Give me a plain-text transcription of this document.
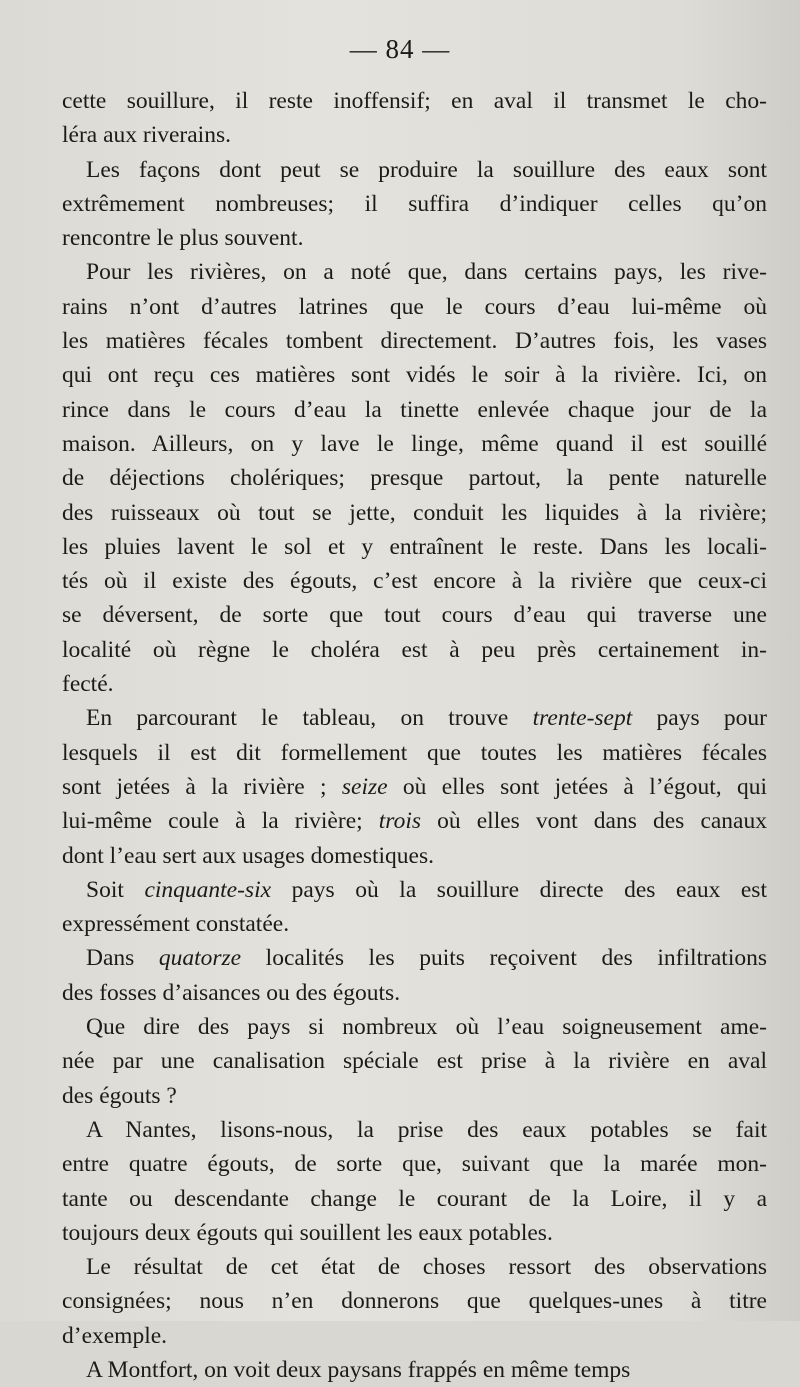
— 84 —
cette souillure, il reste inoffensif; en aval il transmet le cho-
léra aux riverains.
Les façons dont peut se produire la souillure des eaux sont
extrêmement nombreuses; il suffira d’indiquer celles qu’on
rencontre le plus souvent.
Pour les rivières, on a noté que, dans certains pays, les rive-
rains n’ont d’autres latrines que le cours d’eau lui-même où
les matières fécales tombent directement. D’autres fois, les vases
qui ont reçu ces matières sont vidés le soir à la rivière. Ici, on
rince dans le cours d’eau la tinette enlevée chaque jour de la
maison. Ailleurs, on y lave le linge, même quand il est souillé
de déjections cholériques; presque partout, la pente naturelle
des ruisseaux où tout se jette, conduit les liquides à la rivière;
les pluies lavent le sol et y entraînent le reste. Dans les locali-
tés où il existe des égouts, c’est encore à la rivière que ceux-ci
se déversent, de sorte que tout cours d’eau qui traverse une
localité où règne le choléra est à peu près certainement in-
fecté.
En parcourant le tableau, on trouve trente-sept pays pour
lesquels il est dit formellement que toutes les matières fécales
sont jetées à la rivière ; seize où elles sont jetées à l’égout, qui
lui-même coule à la rivière; trois où elles vont dans des canaux
dont l’eau sert aux usages domestiques.
Soit cinquante-six pays où la souillure directe des eaux est
expressément constatée.
Dans quatorze localités les puits reçoivent des infiltrations
des fosses d’aisances ou des égouts.
Que dire des pays si nombreux où l’eau soigneusement ame-
née par une canalisation spéciale est prise à la rivière en aval
des égouts ?
A Nantes, lisons-nous, la prise des eaux potables se fait
entre quatre égouts, de sorte que, suivant que la marée mon-
tante ou descendante change le courant de la Loire, il y a
toujours deux égouts qui souillent les eaux potables.
Le résultat de cet état de choses ressort des observations
consignées; nous n’en donnerons que quelques-unes à titre
d’exemple.
A Montfort, on voit deux paysans frappés en même temps
